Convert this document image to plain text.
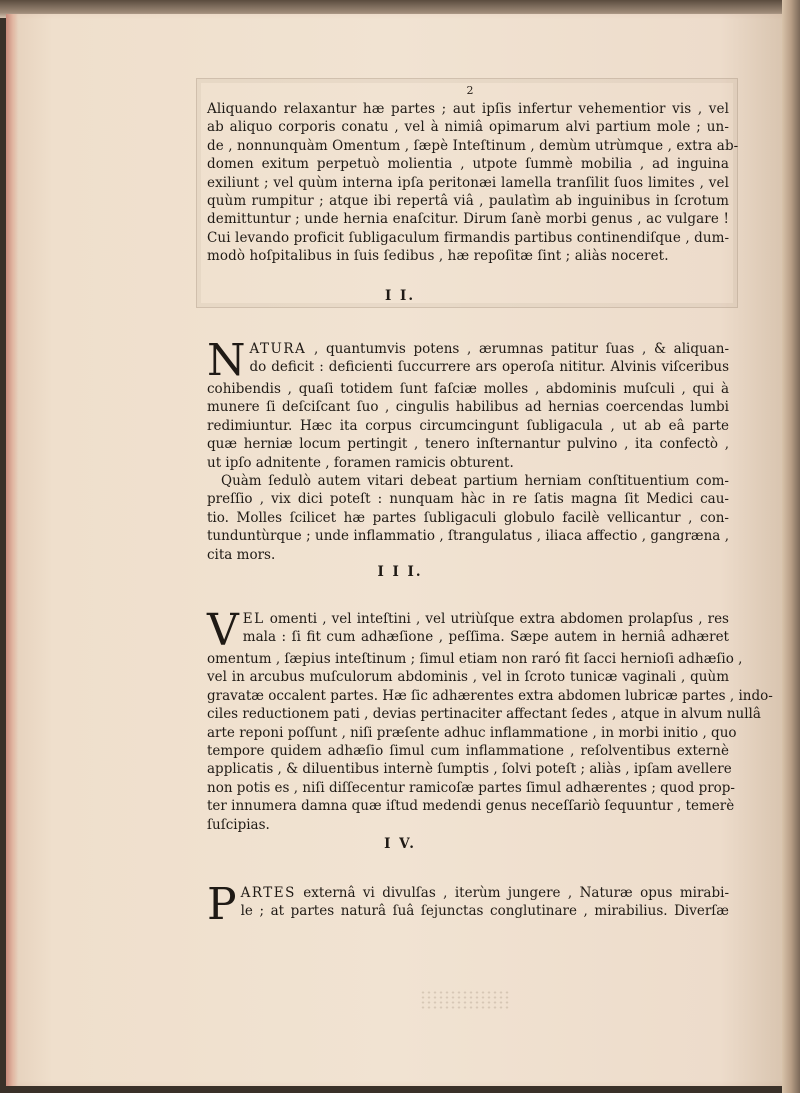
2
Aliquando relaxantur hæ partes ; aut ipſis infertur vehementior vis , vel
ab aliquo corporis conatu , vel à nimiâ opimarum alvi partium mole ; un-
de , nonnunquàm Omentum , ſæpè Inteſtinum , demùm utrùmque , extra ab-
domen exitum perpetuò molientia , utpote ſummè mobilia , ad inguina
exiliunt ; vel quùm interna ipſa peritonæi lamella tranſilit ſuos limites , vel
quùm rumpitur ; atque ibi repertâ viâ , paulatìm ab inguinibus in ſcrotum
demittuntur ; unde hernia enaſcitur. Dirum ſanè morbi genus , ac vulgare !
Cui levando proficit ſubligaculum firmandis partibus continendiſque , dum-
modò hoſpitalibus in ſuis ſedibus , hæ repoſitæ ſint ; aliàs noceret.
I I.
N ATURA , quantumvis potens , ærumnas patitur ſuas , & aliquan-
do deficit : deficienti ſuccurrere ars operoſa nititur. Alvinis viſceribus
cohibendis , quaſi totidem ſunt faſciæ molles , abdominis muſculi , qui à
munere ſi deſciſcant ſuo , cingulis habilibus ad hernias coercendas lumbi
redimiuntur. Hæc ita corpus circumcingunt ſubligacula , ut ab eâ parte
quæ herniæ locum pertingit , tenero inſternantur pulvino , ita confectò ,
ut ipſo adnitente , foramen ramicis obturent.
Quàm ſedulò autem vitari debeat partium herniam conſtituentium com-
preſſio , vix dici poteſt : nunquam hàc in re ſatis magna ſit Medici cau-
tio. Molles ſcilicet hæ partes ſubligaculi globulo facilè vellicantur , con-
tunduntùrque ; unde inflammatio , ſtrangulatus , iliaca affectio , gangræna ,
cita mors.
I I I.
V EL omenti , vel inteſtini , vel utriùſque extra abdomen prolapſus , res
mala : ſi fit cum adhæſione , peſſima. Sæpe autem in herniâ adhæret
omentum , ſæpius inteſtinum ; ſimul etiam non raró fit ſacci hernioſi adhæſio ,
vel in arcubus muſculorum abdominis , vel in ſcroto tunicæ vaginali , quùm
gravatæ occalent partes. Hæ ſic adhærentes extra abdomen lubricæ partes , indo-
ciles reductionem pati , devias pertinaciter affectant ſedes , atque in alvum nullâ
arte reponi poſſunt , niſi præſente adhuc inflammatione , in morbi initio , quo
tempore quidem adhæſio ſimul cum inflammatione , reſolventibus externè
applicatis , & diluentibus internè ſumptis , ſolvi poteſt ; aliàs , ipſam avellere
non potis es , niſi diſſecentur ramicoſæ partes ſimul adhærentes ; quod prop-
ter innumera damna quæ iſtud medendi genus neceſſariò ſequuntur , temerè
ſuſcipias.
I V.
P ARTES externâ vi divulſas , iterùm jungere , Naturæ opus mirabi-
le ; at partes naturâ ſuâ ſejunctas conglutinare , mirabilius. Diverſæ
